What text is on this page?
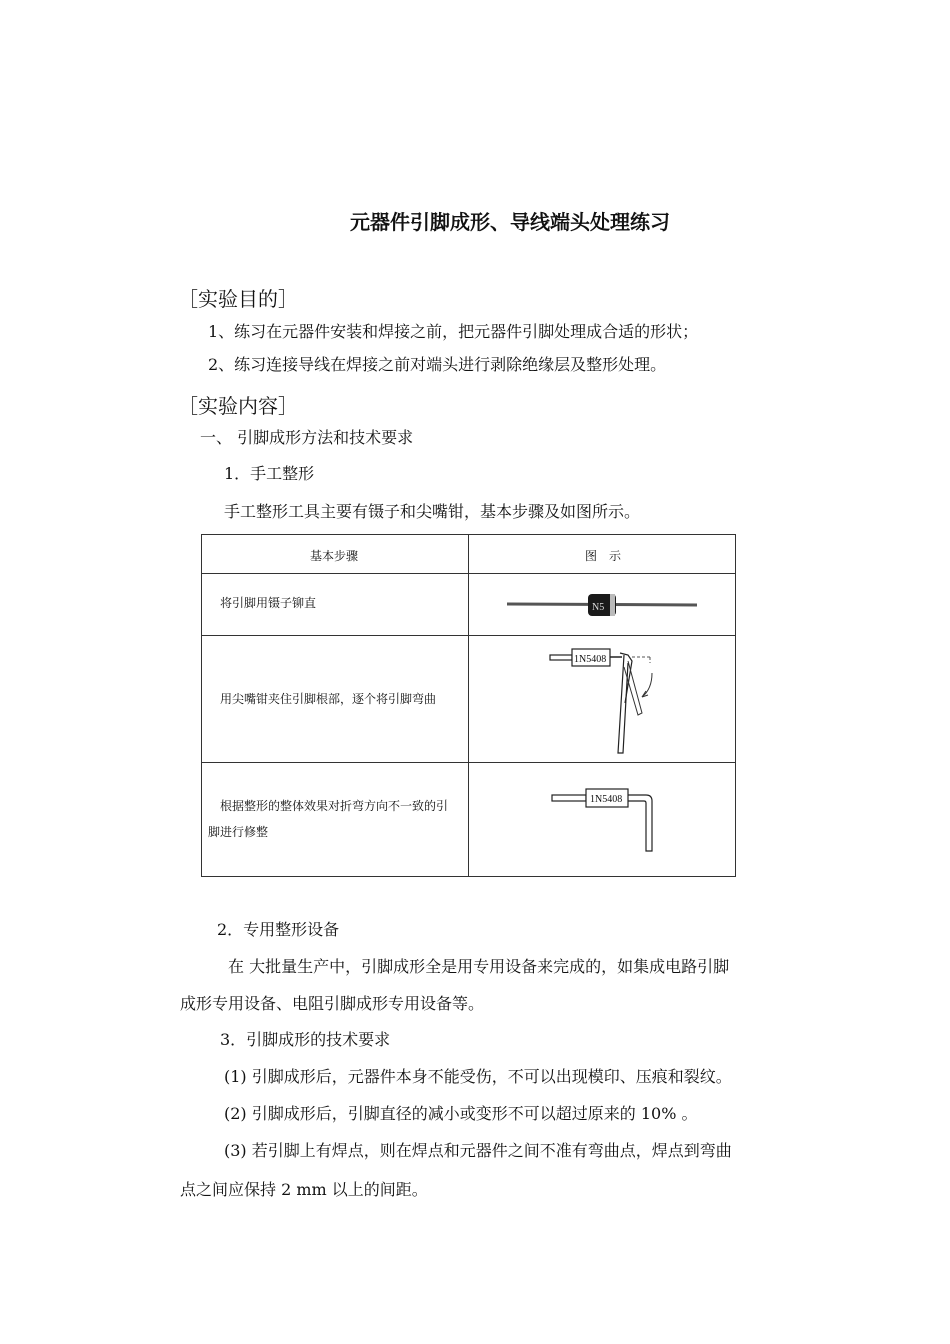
元器件引脚成形、导线端头处理练习
［实验目的］
1、练习在元器件安装和焊接之前，把元器件引脚处理成合适的形状；
2、练习连接导线在焊接之前对端头进行剥除绝缘层及整形处理。
［实验内容］
一、 引脚成形方法和技术要求
1．手工整形
手工整形工具主要有镊子和尖嘴钳，基本步骤及如图所示。
基本步骤	图　示
将引脚用镊子铆直
用尖嘴钳夹住引脚根部，逐个将引脚弯曲
根据整形的整体效果对折弯方向不一致的引
脚进行修整
N5
1N5408
1N5408
2．专用整形设备
在 大批量生产中，引脚成形全是用专用设备来完成的，如集成电路引脚
成形专用设备、电阻引脚成形专用设备等。
3．引脚成形的技术要求
(1) 引脚成形后，元器件本身不能受伤，不可以出现模印、压痕和裂纹。
(2) 引脚成形后，引脚直径的减小或变形不可以超过原来的 10% 。
(3) 若引脚上有焊点，则在焊点和元器件之间不准有弯曲点，焊点到弯曲
点之间应保持 2 mm 以上的间距。
